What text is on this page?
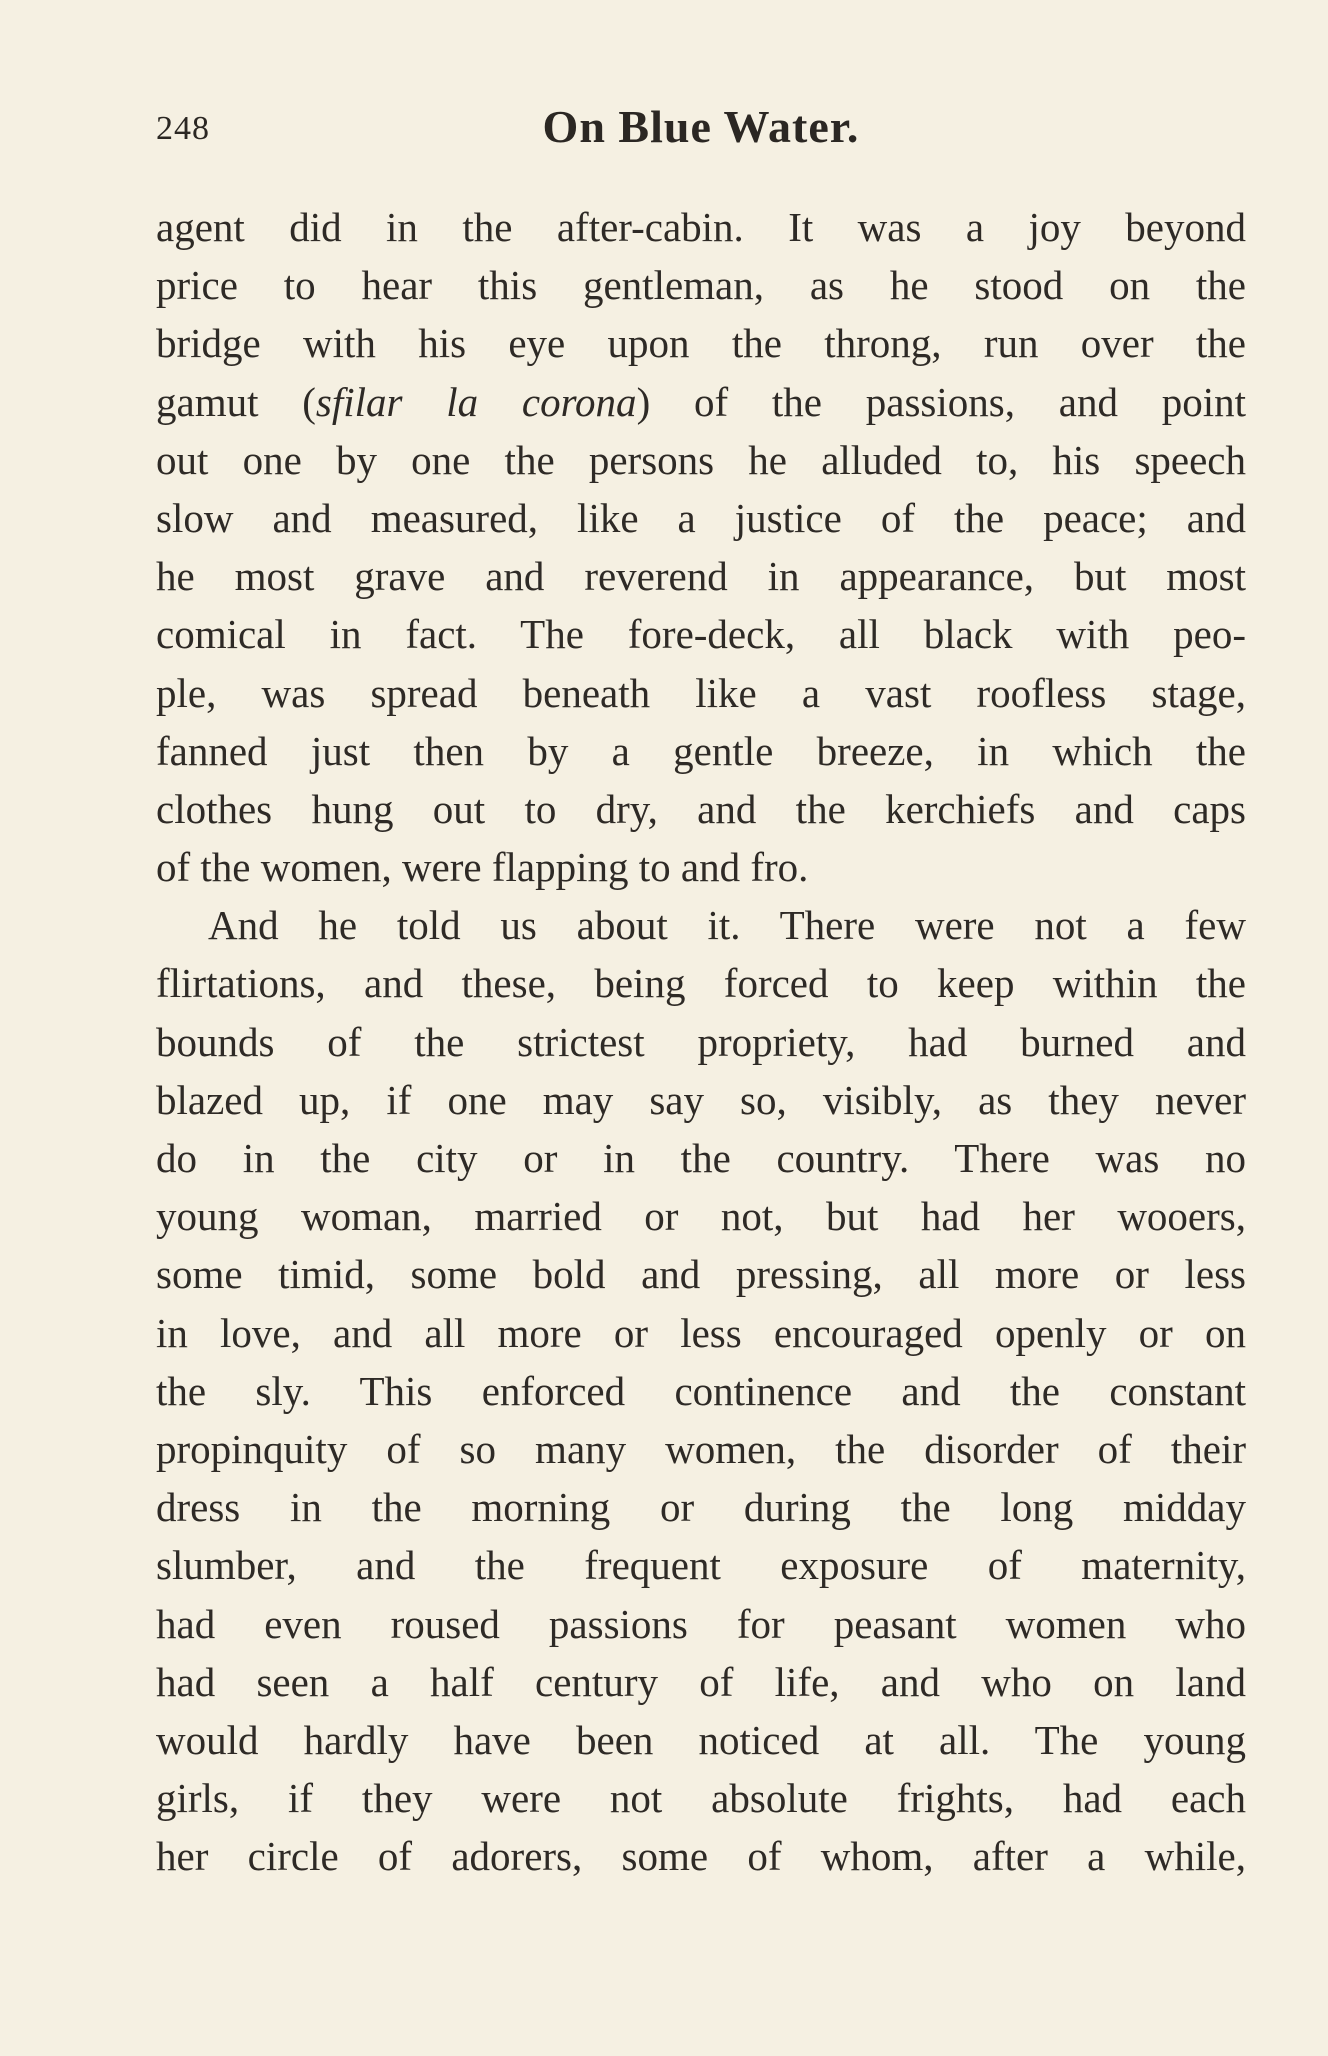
248	On Blue Water.
agent did in the after-cabin. It was a joy beyond
price to hear this gentleman, as he stood on the
bridge with his eye upon the throng, run over the
gamut (sfilar la corona) of the passions, and point
out one by one the persons he alluded to, his speech
slow and measured, like a justice of the peace; and
he most grave and reverend in appearance, but most
comical in fact. The fore-deck, all black with peo-
ple, was spread beneath like a vast roofless stage,
fanned just then by a gentle breeze, in which the
clothes hung out to dry, and the kerchiefs and caps
of the women, were flapping to and fro.
And he told us about it. There were not a few
flirtations, and these, being forced to keep within the
bounds of the strictest propriety, had burned and
blazed up, if one may say so, visibly, as they never
do in the city or in the country. There was no
young woman, married or not, but had her wooers,
some timid, some bold and pressing, all more or less
in love, and all more or less encouraged openly or on
the sly. This enforced continence and the constant
propinquity of so many women, the disorder of their
dress in the morning or during the long midday
slumber, and the frequent exposure of maternity,
had even roused passions for peasant women who
had seen a half century of life, and who on land
would hardly have been noticed at all. The young
girls, if they were not absolute frights, had each
her circle of adorers, some of whom, after a while,
